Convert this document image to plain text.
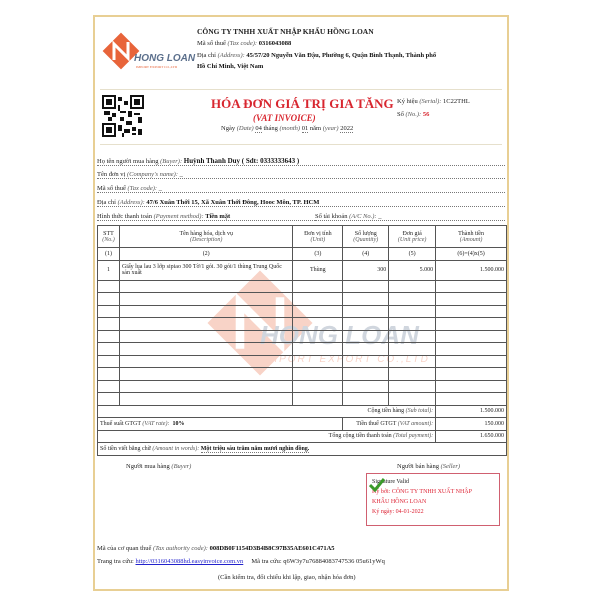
HONG LOAN
IMPORT EXPORT CO.,LTD
CÔNG TY TNHH XUẤT NHẬP KHẨU HỒNG LOAN
Mã số thuế (Tax code): 0316043088
Địa chỉ (Address): 45/57/20 Nguyễn Văn Đậu, Phường 6, Quận Bình Thạnh, Thành phố
Hồ Chí Minh, Việt Nam
HÓA ĐƠN GIÁ TRỊ GIA TĂNG
(VAT INVOICE)
Ngày (Date) 04 tháng (month) 01 năm (year) 2022
Ký hiệu (Serial): 1C22THL
Số (No.): 56
Họ tên người mua hàng (Buyer): Huỳnh Thanh Duy ( Sdt: 0333333643 )
Tên đơn vị (Company's name): _
Mã số thuế (Tax code): _
Địa chỉ (Address): 47/6 Xuân Thới 15, Xã Xuân Thới Đông, Hooc Môn, TP. HCM
Hình thức thanh toán (Payment method): Tiền mặt	Số tài khoản (A/C No.): _
HONG LOAN
IMPORT EXPORT CO.,LTD
STT
(No.)	Tên hàng hóa, dịch vụ
(Description)	Đơn vị tính
(Unit)	Số lượng
(Quantity)	Đơn giá
(Unit price)	Thành tiền
(Amount)
(1)	(2)	(3)	(4)	(5)	(6)=(4)x(5)
1	Giấy lụa lau 3 lớp sipiao 300 Tờ/1 gói. 30 gói/1 thùng Trung Quốc sản xuất	Thùng	300	5.000	1.500.000

Cộng tiền hàng (Sub total):					1.500.000
Thuế suất GTGT (VAT rate): 10%			Tiền thuế GTGT (VAT amount):		150.000
Tổng cộng tiền thanh toán (Total payment):					1.650.000
Số tiền viết bằng chữ (Amount in words): Một triệu sáu trăm năm mươi nghìn đồng.					
Người mua hàng (Buyer)	Người bán hàng (Seller)
Signature Valid
Ký bởi: CÔNG TY TNHH XUẤT NHẬP
KHẨU HỒNG LOAN
Ký ngày: 04-01-2022
Mã của cơ quan thuế (Tax authority code): 008DB0F1154D3B4B8C97B35AE601C471A5
Trang tra cứu: http://0316043088hd.easyinvoice.com.vn Mã tra cứu: q6W3y7u76884083747536 05u61yWq
(Cần kiểm tra, đối chiếu khi lập, giao, nhận hóa đơn)
